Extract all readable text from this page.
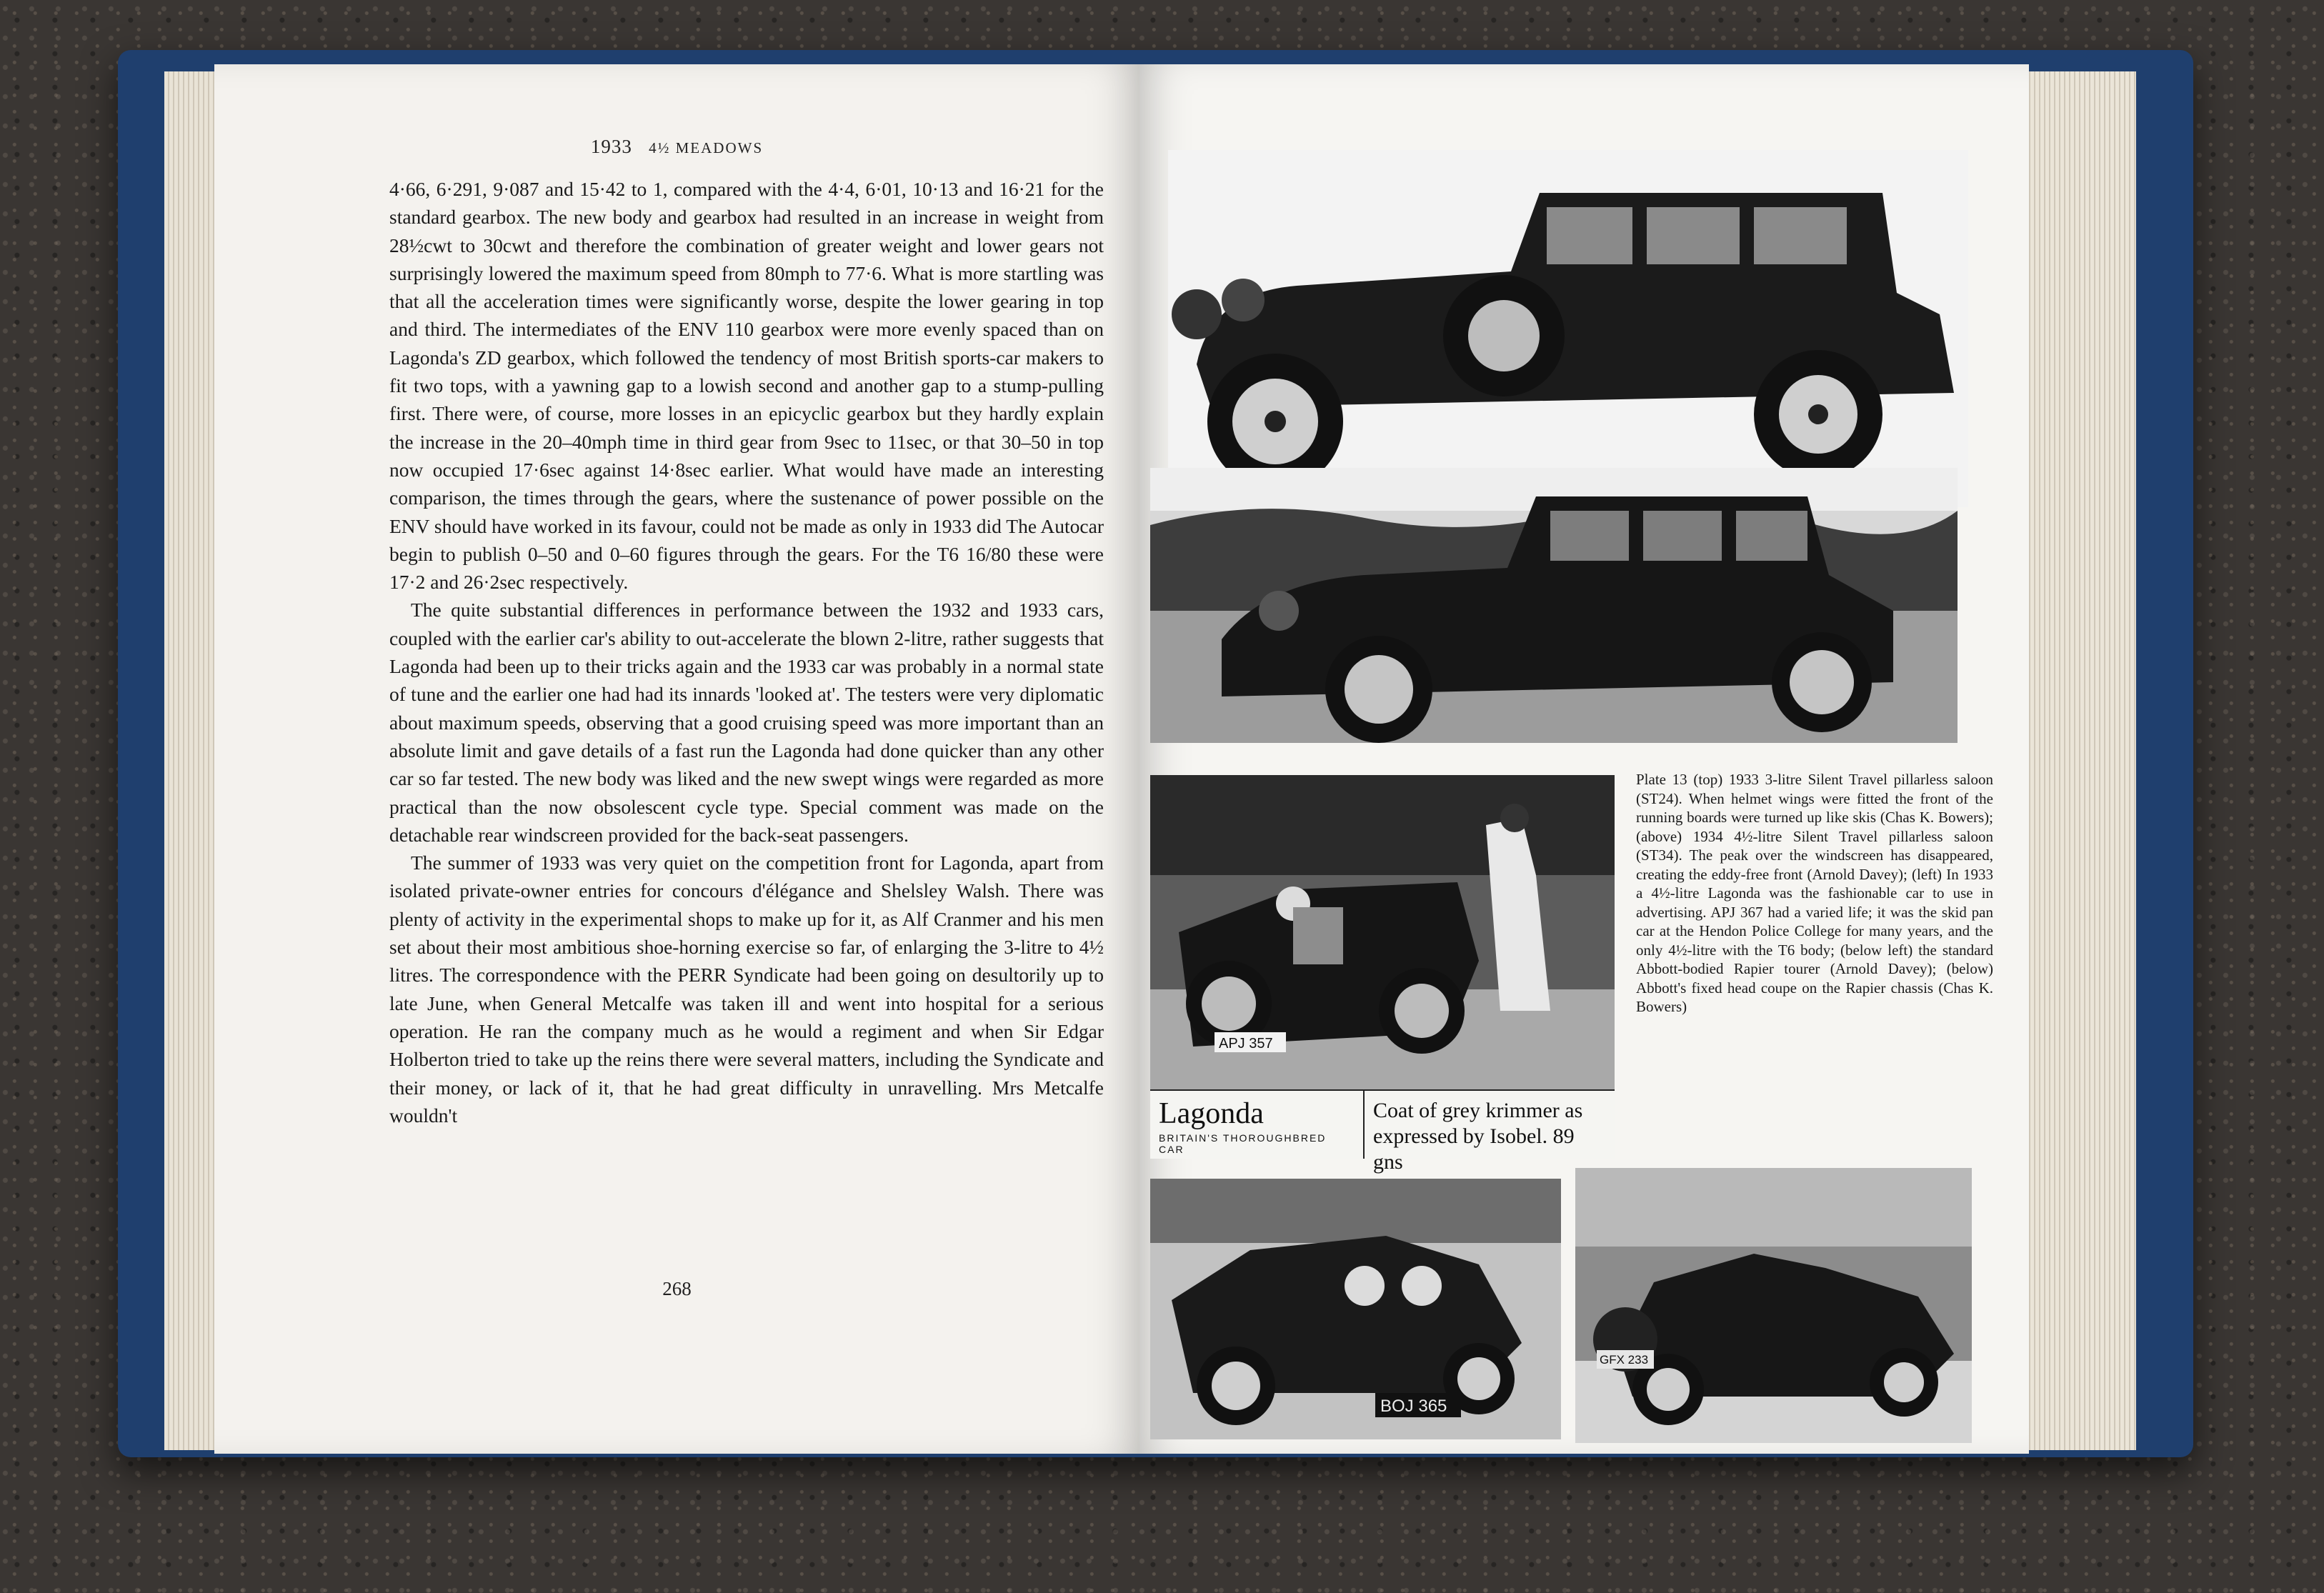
1933 4½ MEADOWS

4·66, 6·291, 9·087 and 15·42 to 1, compared with the 4·4, 6·01, 10·13 and 16·21 for the standard gearbox. The new body and gearbox had resulted in an increase in weight from 28½cwt to 30cwt and therefore the combination of greater weight and lower gears not surprisingly lowered the maximum speed from 80mph to 77·6. What is more startling was that all the acceleration times were significantly worse, despite the lower gearing in top and third. The intermediates of the ENV 110 gearbox were more evenly spaced than on Lagonda's ZD gearbox, which followed the tendency of most British sports-car makers to fit two tops, with a yawning gap to a lowish second and another gap to a stump-pulling first. There were, of course, more losses in an epicyclic gearbox but they hardly explain the increase in the 20–40mph time in third gear from 9sec to 11sec, or that 30–50 in top now occupied 17·6sec against 14·8sec earlier. What would have made an interesting comparison, the times through the gears, where the sustenance of power possible on the ENV should have worked in its favour, could not be made as only in 1933 did The Autocar begin to publish 0–50 and 0–60 figures through the gears. For the T6 16/80 these were 17·2 and 26·2sec respectively.

The quite substantial differences in performance between the 1932 and 1933 cars, coupled with the earlier car's ability to out-accelerate the blown 2-litre, rather suggests that Lagonda had been up to their tricks again and the 1933 car was probably in a normal state of tune and the earlier one had had its innards 'looked at'. The testers were very diplomatic about maximum speeds, observing that a good cruising speed was more important than an absolute limit and gave details of a fast run the Lagonda had done quicker than any other car so far tested. The new body was liked and the new swept wings were regarded as more practical than the now obsolescent cycle type. Special comment was made on the detachable rear windscreen provided for the back-seat passengers.

The summer of 1933 was very quiet on the competition front for Lagonda, apart from isolated private-owner entries for concours d'élégance and Shelsley Walsh. There was plenty of activity in the experimental shops to make up for it, as Alf Cranmer and his men set about their most ambitious shoe-horning exercise so far, of enlarging the 3-litre to 4½ litres. The correspondence with the PERR Syndicate had been going on desultorily up to late June, when General Metcalfe was taken ill and went into hospital for a serious operation. He ran the company much as he would a regiment and when Sir Edgar Holberton tried to take up the reins there were several matters, including the Syndicate and their money, or lack of it, that he had great difficulty in unravelling. Mrs Metcalfe wouldn't

268
APJ 357
Lagonda
BRITAIN'S THOROUGHBRED CAR
Coat of grey krimmer as expressed by Isobel. 89 gns
Plate 13 (top) 1933 3-litre Silent Travel pillarless saloon (ST24). When helmet wings were fitted the front of the running boards were turned up like skis (Chas K. Bowers); (above) 1934 4½-litre Silent Travel pillarless saloon (ST34). The peak over the windscreen has disappeared, creating the eddy-free front (Arnold Davey); (left) In 1933 a 4½-litre Lagonda was the fashionable car to use in advertising. APJ 367 had a varied life; it was the skid pan car at the Hendon Police College for many years, and the only 4½-litre with the T6 body; (below left) the standard Abbott-bodied Rapier tourer (Arnold Davey); (below) Abbott's fixed head coupe on the Rapier chassis (Chas K. Bowers)
BOJ 365
GFX 233
